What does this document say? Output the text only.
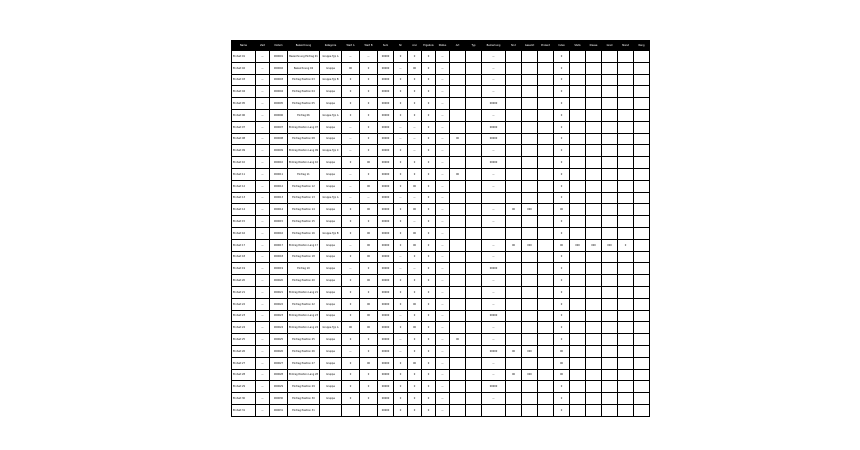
Name	Zeit	Datum	Bezeichnung	Kategorie	Wert A	Wert B	Sum	Nr	Anz	Ergebnis	Status	Art	Typ	Bemerkung	Nr.2	Gesamt	Prozent	Index	Stufe	Klasse	Grad	Stand	Rang
Einheit 01	—	000001	Bezeichnung Eintrag 01	Gruppe Typ A	—	—	00000	0	0	0	—			—				0					
Einheit 02	—	000002	Bezeichnung 02	Gruppe	00	0	00000	—	00	0	—			—				0					
Einheit 03	—	000003	Eintrag Position 03	Gruppe Typ B	0	0	00000	0	0	0	—			—				0					
Einheit 04	—	000004	Eintrag Position 04	Gruppe	0	0	00000	0	0	0	—			—				0					
Einheit 05	—	000005	Eintrag Position 05	Gruppe	0	0	00000	0	0	0	—			00000				0					
Einheit 06	—	000006	Eintrag 06	Gruppe Typ A	0	0	00000	0	0	0	—			—				0					
Einheit 07	—	000007	Eintrag Position Lang 07	Gruppe	—	0	00000	—	—	0	—			00000				0					
Einheit 08	—	000008	Eintrag Position 08	Gruppe	—	0	00000	—	—	0	—	00		00000				0					
Einheit 09	—	000009	Eintrag Position Lang 09	Gruppe Typ C	—	0	00000	0	—	0	—			—				0					
Einheit 10	—	000010	Eintrag Position Lang 10	Gruppe	0	00	00000	0	0	0	—			00000				0					
Einheit 11	—	000011	Eintrag 11	Gruppe	—	0	00000	0	0	0	—	00		—				0					
Einheit 12	—	000012	Eintrag Position 12	Gruppe	—	00	00000	0	00	0	—			—				0					
Einheit 13	—	000013	Eintrag Position 13	Gruppe Typ A	—	—	00000	—	—	0	—							0					
Einheit 14	—	000014	Eintrag Position 14	Gruppe	0	00	00000	0	00	0	—			—	00	000		00					
Einheit 15	—	000015	Eintrag Position 15	Gruppe	0	0	00000	0	—	0	—			—				0					
Einheit 16	—	000016	Eintrag Position 16	Gruppe Typ B	0	00	00000	0	00	0	—							0					
Einheit 17	—	000017	Eintrag Position Lang 17	Gruppe	—	00	00000	0	00	0	—			—	00	000		00	000	000	000	0	
Einheit 18	—	000018	Eintrag Position 18	Gruppe	0	00	00000	—	0	0	—			—				0					
Einheit 19	—	000019	Eintrag 19	Gruppe	—	0	00000	—	—	0	—			00000				0					
Einheit 20	—	000020	Eintrag Position 20	Gruppe	0	00	00000	0	0	0	—			—				0					
Einheit 21	—	000021	Eintrag Position Lang 21	Gruppe	0	0	00000	0	0	0	—			—				0					
Einheit 22	—	000022	Eintrag Position 22	Gruppe	0	00	00000	0	00	0	—			—				0					
Einheit 23	—	000023	Eintrag Position Lang 23	Gruppe	0	00	00000	—	0	0	—			00000				0					
Einheit 24	—	000024	Eintrag Position Lang 24	Gruppe Typ A	00	00	00000	0	00	0	—			—				0					
Einheit 25	—	000025	Eintrag Position 25	Gruppe	0	0	00000	—	0	0	—	00		—				0					
Einheit 26	—	000026	Eintrag Position 26	Gruppe	—	0	00000	—	0	0	—			00000	00	000		00					
Einheit 27	—	000027	Eintrag Position 27	Gruppe	0	00	00000	0	00	0	—			—				00					
Einheit 28	—	000028	Eintrag Position Lang 28	Gruppe	0	0	00000	0	0	0	—			—	00	000		00					
Einheit 29	—	000029	Eintrag Position 29	Gruppe	0	0	00000	0	0	0	—			00000				0					
Einheit 30	—	000030	Eintrag Position 30	Gruppe	0	0	00000	0	0	0	—			—				0					
Einheit 31	—	000031	Eintrag Position 31				00000	0	0	0	—							0					
